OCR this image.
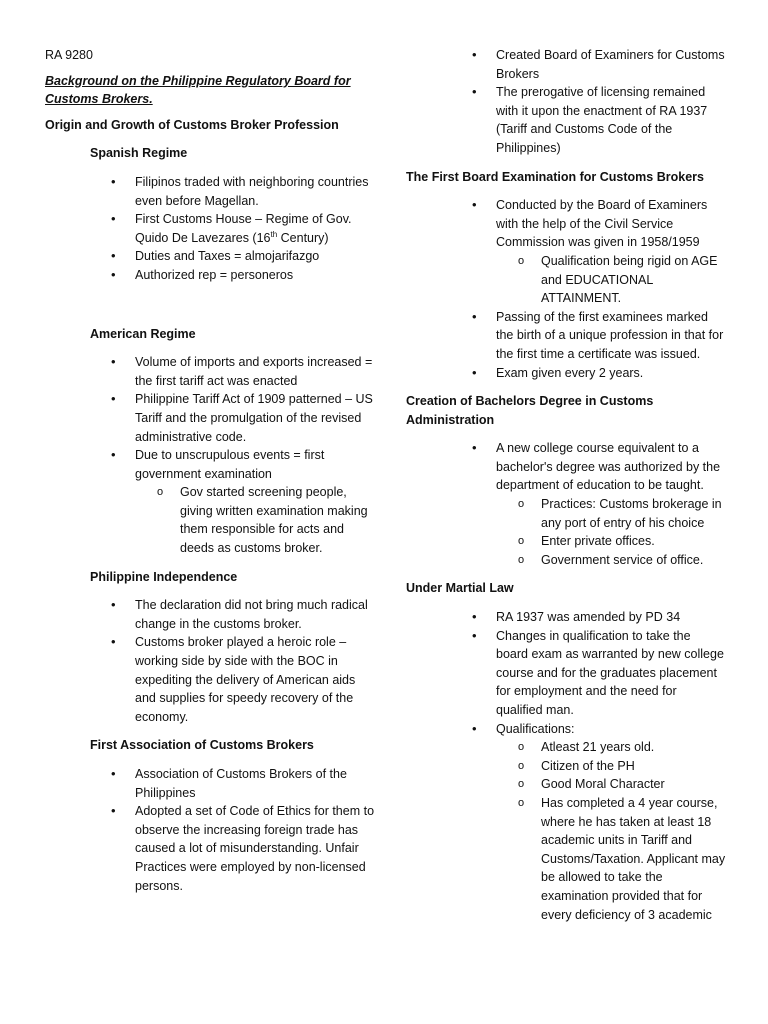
RA 9280

Background on the Philippine Regulatory Board for Customs Brokers.

Origin and Growth of Customs Broker Profession

Spanish Regime

• Filipinos traded with neighboring countries even before Magellan.
• First Customs House – Regime of Gov. Quido De Lavezares (16th Century)
• Duties and Taxes = almojarifazgo
• Authorized rep = personeros

American Regime

• Volume of imports and exports increased = the first tariff act was enacted
• Philippine Tariff Act of 1909 patterned – US Tariff and the promulgation of the revised administrative code.
• Due to unscrupulous events = first government examination
o Gov started screening people, giving written examination making them responsible for acts and deeds as customs broker.

Philippine Independence

• The declaration did not bring much radical change in the customs broker.
• Customs broker played a heroic role – working side by side with the BOC in expediting the delivery of American aids and supplies for speedy recovery of the economy.

First Association of Customs Brokers

• Association of Customs Brokers of the Philippines
• Adopted a set of Code of Ethics for them to observe the increasing foreign trade has caused a lot of misunderstanding. Unfair Practices were employed by non-licensed persons.
• Created Board of Examiners for Customs Brokers
• The prerogative of licensing remained with it upon the enactment of RA 1937 (Tariff and Customs Code of the Philippines)

The First Board Examination for Customs Brokers

• Conducted by the Board of Examiners with the help of the Civil Service Commission was given in 1958/1959
o Qualification being rigid on AGE and EDUCATIONAL ATTAINMENT.
• Passing of the first examinees marked the birth of a unique profession in that for the first time a certificate was issued.
• Exam given every 2 years.

Creation of Bachelors Degree in Customs Administration

• A new college course equivalent to a bachelor's degree was authorized by the department of education to be taught.
o Practices: Customs brokerage in any port of entry of his choice
o Enter private offices.
o Government service of office.

Under Martial Law

• RA 1937 was amended by PD 34
• Changes in qualification to take the board exam as warranted by new college course and for the graduates placement for employment and the need for qualified man.
• Qualifications:
o Atleast 21 years old.
o Citizen of the PH
o Good Moral Character
o Has completed a 4 year course, where he has taken at least 18 academic units in Tariff and Customs/Taxation. Applicant may be allowed to take the examination provided that for every deficiency of 3 academic
